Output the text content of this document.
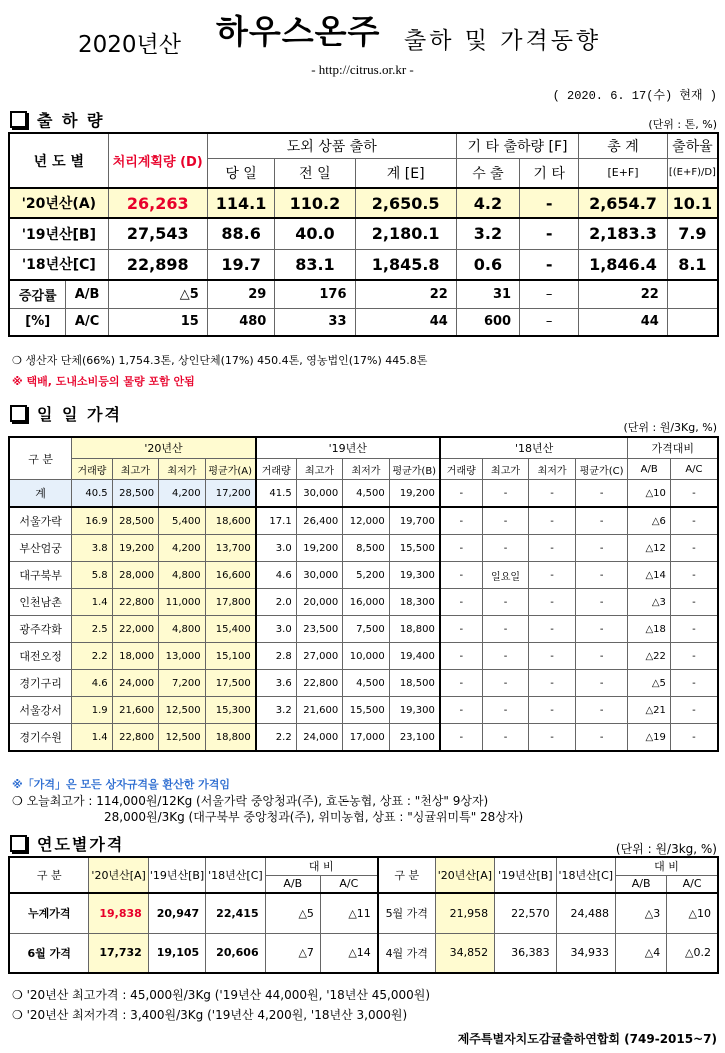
2020년산 하우스온주 출하 및 가격동향
- http://citrus.or.kr -
( 2020. 6. 17(수) 현재 )
출 하 량	(단위 : 톤, %)
년 도 별		처리계획량 (D)	도외 상품 출하			기 타 출하량 [F]		총 계	출하율
			당 일	전 일	계 [E]	수 출	기 타	[E+F]	[(E+F)/D]
'20년산(A)		26,263	114.1	110.2	2,650.5	4.2	-	2,654.7	10.1
'19년산[B]		27,543	88.6	40.0	2,180.1	3.2	-	2,183.3	7.9
'18년산[C]		22,898	19.7	83.1	1,845.8	0.6	-	1,846.4	8.1
증감률	A/B	△5	29	176	22	31	–	22	
[%]	A/C	15	480	33	44	600	–	44	
❍ 생산자 단체(66%) 1,754.3톤, 상인단체(17%) 450.4톤, 영농법인(17%) 445.8톤
※ 택배, 도내소비등의 물량 포함 안됨
일 일 가격
(단위 : 원/3Kg, %)
구 분	'20년산				'19년산				'18년산				가격대비	
	거래량	최고가	최저가	평균가(A)	거래량	최고가	최저가	평균가(B)	거래량	최고가	최저가	평균가(C)	A/B	A/C
계	40.5	28,500	4,200	17,200	41.5	30,000	4,500	19,200	-	-	-	-	△10	-
서울가락	16.9	28,500	5,400	18,600	17.1	26,400	12,000	19,700	-	-	-	-	△6	-
부산엄궁	3.8	19,200	4,200	13,700	3.0	19,200	8,500	15,500	-	-	-	-	△12	-
대구북부	5.8	28,000	4,800	16,600	4.6	30,000	5,200	19,300	-	일요일	-	-	△14	-
인천남촌	1.4	22,800	11,000	17,800	2.0	20,000	16,000	18,300	-	-	-	-	△3	-
광주각화	2.5	22,000	4,800	15,400	3.0	23,500	7,500	18,800	-	-	-	-	△18	-
대전오정	2.2	18,000	13,000	15,100	2.8	27,000	10,000	19,400	-	-	-	-	△22	-
경기구리	4.6	24,000	7,200	17,500	3.6	22,800	4,500	18,500	-	-	-	-	△5	-
서울강서	1.9	21,600	12,500	15,300	3.2	21,600	15,500	19,300	-	-	-	-	△21	-
경기수원	1.4	22,800	12,500	18,800	2.2	24,000	17,000	23,100	-	-	-	-	△19	-
※「가격」은 모든 상자규격을 환산한 가격임
❍ 오늘최고가 : 114,000원/12Kg (서울가락 중앙청과(주), 효돈농협, 상표 : "천상" 9상자)
28,000원/3Kg (대구북부 중앙청과(주), 위미농협, 상표 : "싱귤위미특" 28상자)
연도별가격	(단위 : 원/3kg, %)
구 분	'20년산[A]	'19년산[B]	'18년산[C]	대 비		구 분	'20년산[A]	'19년산[B]	'18년산[C]	대 비	
				A/B	A/C					A/B	A/C
누계가격	19,838	20,947	22,415	△5	△11	5월 가격	21,958	22,570	24,488	△3	△10
6월 가격	17,732	19,105	20,606	△7	△14	4월 가격	34,852	36,383	34,933	△4	△0.2
❍ '20년산 최고가격 : 45,000원/3Kg ('19년산 44,000원, '18년산 45,000원)
❍ '20년산 최저가격 : 3,400원/3Kg ('19년산 4,200원, '18년산 3,000원)
제주특별자치도감귤출하연합회 (749-2015~7)
